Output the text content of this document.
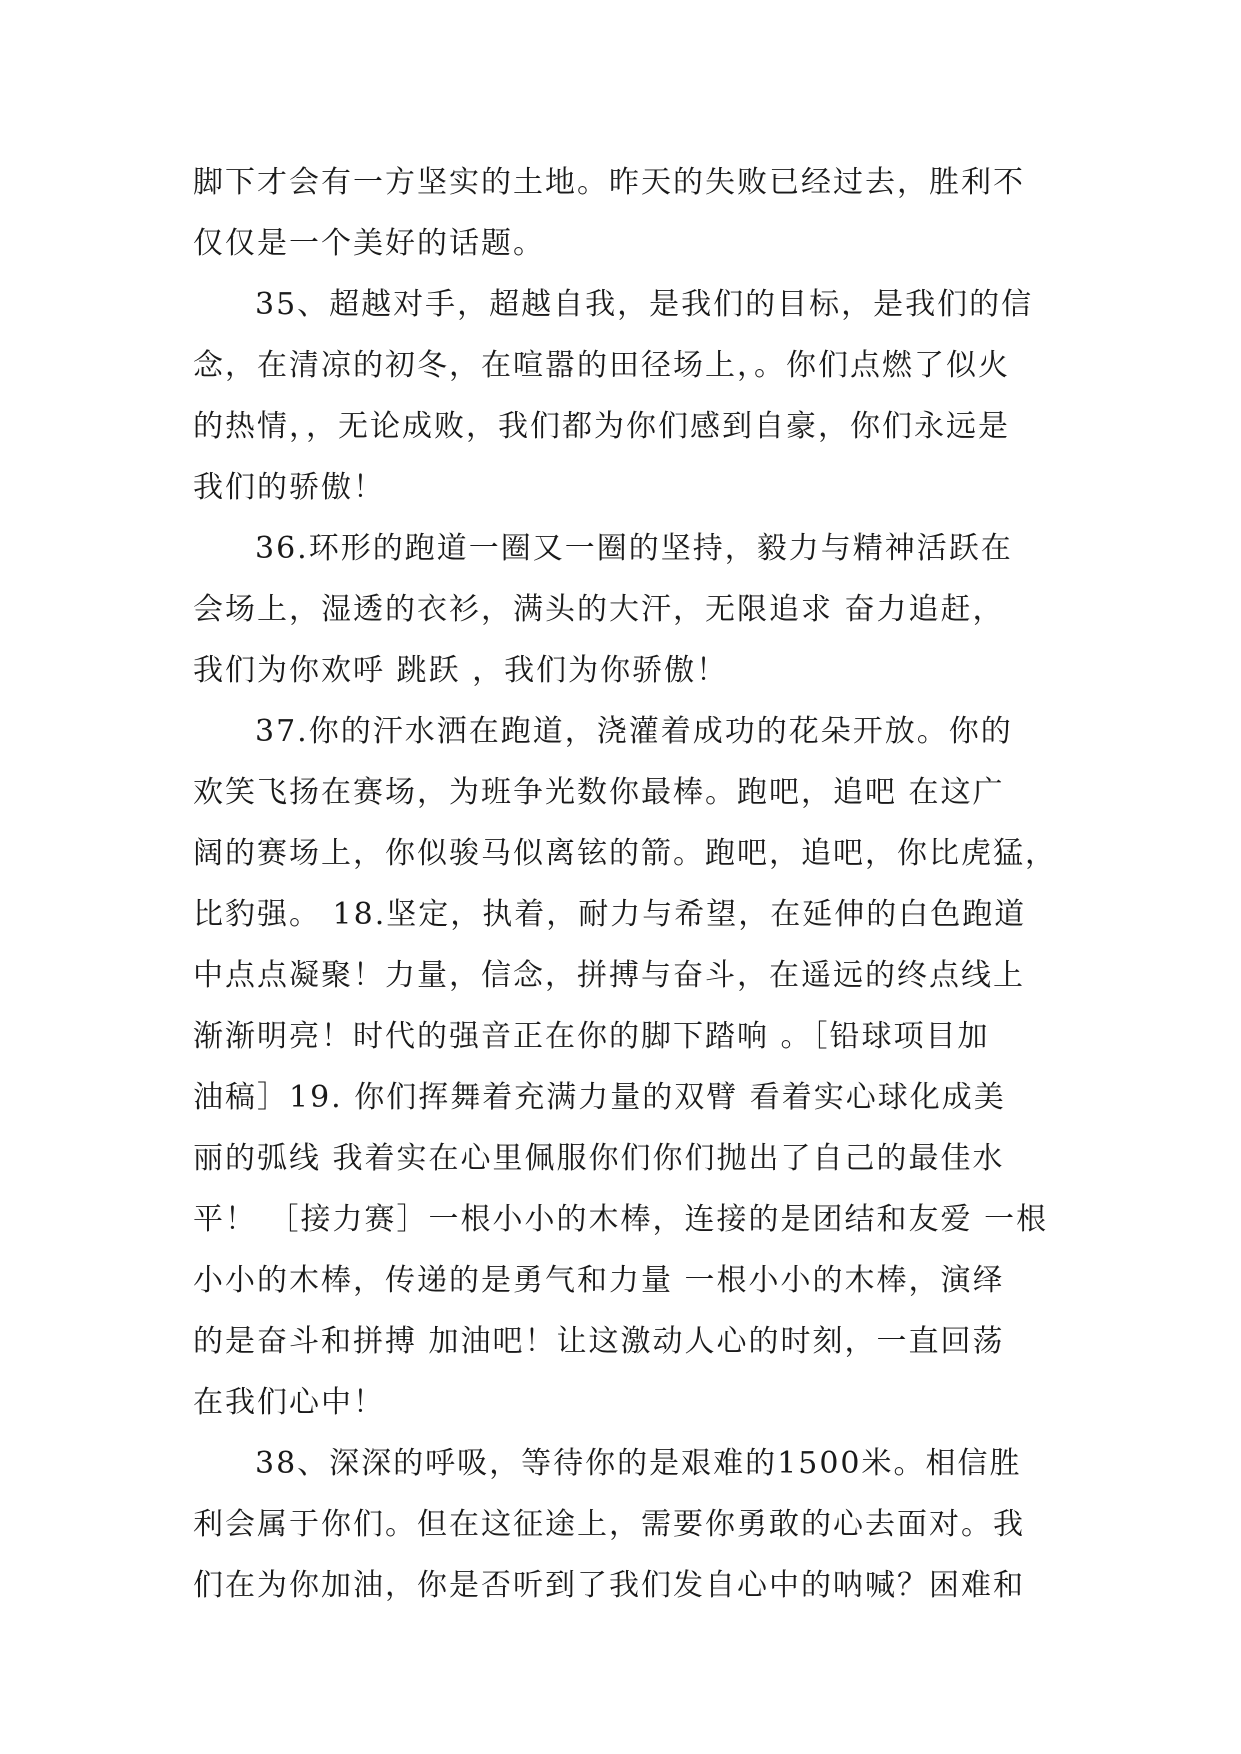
脚下才会有一方坚实的土地。昨天的失败已经过去，胜利不
仅仅是一个美好的话题。
35、超越对手，超越自我，是我们的目标，是我们的信
念，在清凉的初冬，在喧嚣的田径场上，。你们点燃了似火
的热情，，无论成败，我们都为你们感到自豪，你们永远是
我们的骄傲！
36.环形的跑道一圈又一圈的坚持，毅力与精神活跃在
会场上，湿透的衣衫，满头的大汗，无限追求 奋力追赶，
我们为你欢呼 跳跃 ，我们为你骄傲！
37.你的汗水洒在跑道，浇灌着成功的花朵开放。你的
欢笑飞扬在赛场，为班争光数你最棒。跑吧，追吧 在这广
阔的赛场上，你似骏马似离铉的箭。跑吧，追吧，你比虎猛，
比豹强。 18.坚定，执着，耐力与希望，在延伸的白色跑道
中点点凝聚！力量，信念，拼搏与奋斗，在遥远的终点线上
渐渐明亮！时代的强音正在你的脚下踏响 。［铅球项目加
油稿］19. 你们挥舞着充满力量的双臂 看着实心球化成美
丽的弧线 我着实在心里佩服你们你们抛出了自己的最佳水
平！ ［接力赛］一根小小的木棒，连接的是团结和友爱 一根
小小的木棒，传递的是勇气和力量 一根小小的木棒，演绎
的是奋斗和拼搏 加油吧！让这激动人心的时刻，一直回荡
在我们心中！
38、深深的呼吸，等待你的是艰难的1500米。相信胜
利会属于你们。但在这征途上，需要你勇敢的心去面对。我
们在为你加油，你是否听到了我们发自心中的呐喊？困难和
